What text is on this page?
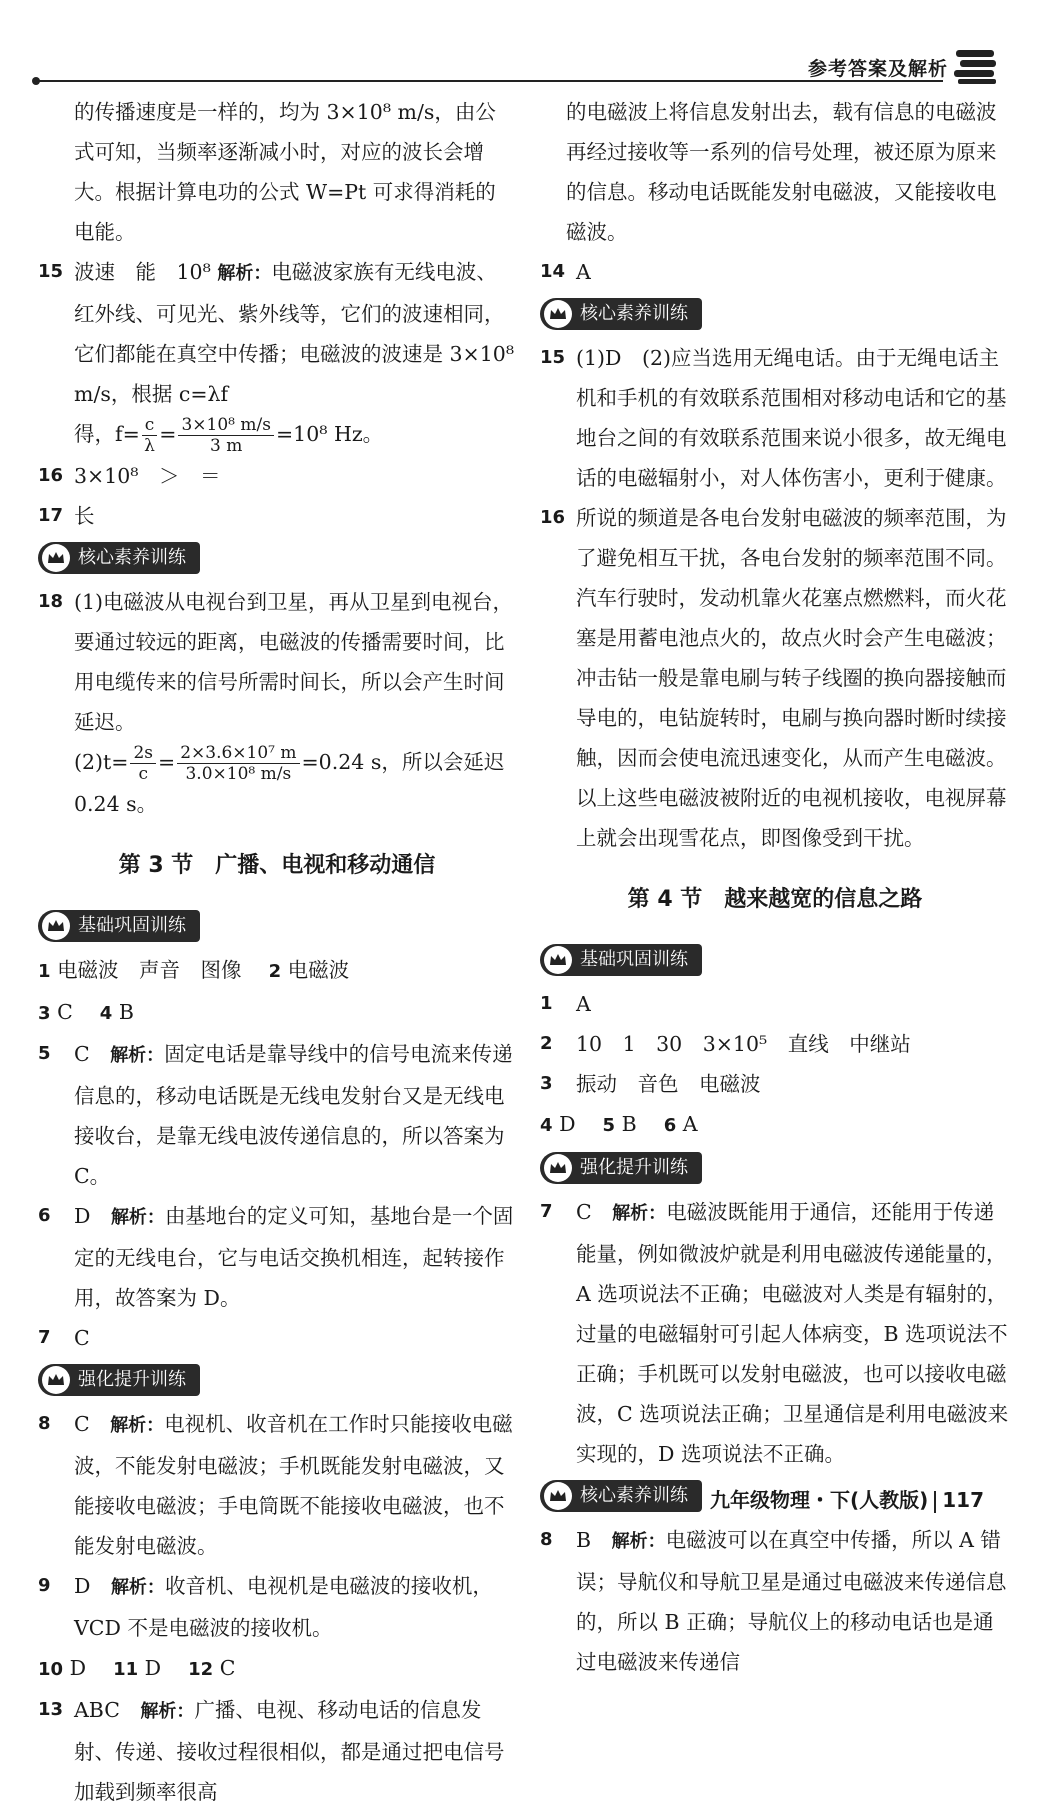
参考答案及解析

的传播速度是一样的，均为 3×10⁸ m/s，由公式可知，当频率逐渐减小时，对应的波长会增大。根据计算电功的公式 W=Pt 可求得消耗的电能。

15 波速　能　10⁸ 解析：电磁波家族有无线电波、红外线、可见光、紫外线等，它们的波速相同，它们都能在真空中传播；电磁波的波速是 3×10⁸ m/s，根据 c=λf
得，$f= \frac{c}{\lambda} = \frac{\text{3×10⁸ m/s}}{3 m} =10^8$ Hz。
16 3×10⁸　＞　＝
17 长
核心素养训练
18 (1)电磁波从电视台到卫星，再从卫星到电视台，要通过较远的距离，电磁波的传播需要时间，比用电缆传来的信号所需时间长，所以会产生时间延迟。
$(2)t= \frac{2s}{c} = \frac{\text{2×3.6×10⁷ m}}{\text{3.0×10⁸ m/s}} =0.24$ s，所以会延迟 0.24 s。
第 3 节　广播、电视和移动通信
基础巩固训练
1 电磁波　声音　图像　 2 电磁波
3 C　 4 B
5 C　 解析：固定电话是靠导线中的信号电流来传递信息的，移动电话既是无线电发射台又是无线电接收台，是靠无线电波传递信息的，所以答案为 C。
6 D　 解析：由基地台的定义可知，基地台是一个固定的无线电台，它与电话交换机相连，起转接作用，故答案为 D。
7 C
强化提升训练
8 C　 解析：电视机、收音机在工作时只能接收电磁波，不能发射电磁波；手机既能发射电磁波，又能接收电磁波；手电筒既不能接收电磁波，也不能发射电磁波。
9 D　 解析：收音机、电视机是电磁波的接收机，VCD 不是电磁波的接收机。
10 D　 11 D　 12 C
13 ABC　 解析：广播、电视、移动电话的信息发射、传递、接收过程很相似，都是通过把电信号加载到频率很高

的电磁波上将信息发射出去，载有信息的电磁波再经过接收等一系列的信号处理，被还原为原来的信息。移动电话既能发射电磁波，又能接收电磁波。

14 A
核心素养训练
15 (1)D　(2)应当选用无绳电话。由于无绳电话主机和手机的有效联系范围相对移动电话和它的基地台之间的有效联系范围来说小很多，故无绳电话的电磁辐射小，对人体伤害小，更利于健康。
16 所说的频道是各电台发射电磁波的频率范围，为了避免相互干扰，各电台发射的频率范围不同。汽车行驶时，发动机靠火花塞点燃燃料，而火花塞是用蓄电池点火的，故点火时会产生电磁波；冲击钻一般是靠电刷与转子线圈的换向器接触而导电的，电钻旋转时，电刷与换向器时断时续接触，因而会使电流迅速变化，从而产生电磁波。以上这些电磁波被附近的电视机接收，电视屏幕上就会出现雪花点，即图像受到干扰。
第 4 节　越来越宽的信息之路
基础巩固训练
1 A
2 10　1　30　3×10⁵　直线　中继站
3 振动　音色　电磁波
4 D　 5 B　 6 A
强化提升训练
7 C　 解析：电磁波既能用于通信，还能用于传递能量，例如微波炉就是利用电磁波传递能量的，A 选项说法不正确；电磁波对人类是有辐射的，过量的电磁辐射可引起人体病变，B 选项说法不正确；手机既可以发射电磁波，也可以接收电磁波，C 选项说法正确；卫星通信是利用电磁波来实现的，D 选项说法不正确。
核心素养训练
8 B　 解析：电磁波可以在真空中传播，所以 A 错误；导航仪和导航卫星是通过电磁波来传递信息的，所以 B 正确；导航仪上的移动电话也是通过电磁波来传递信
九年级物理・下(人教版) 117
